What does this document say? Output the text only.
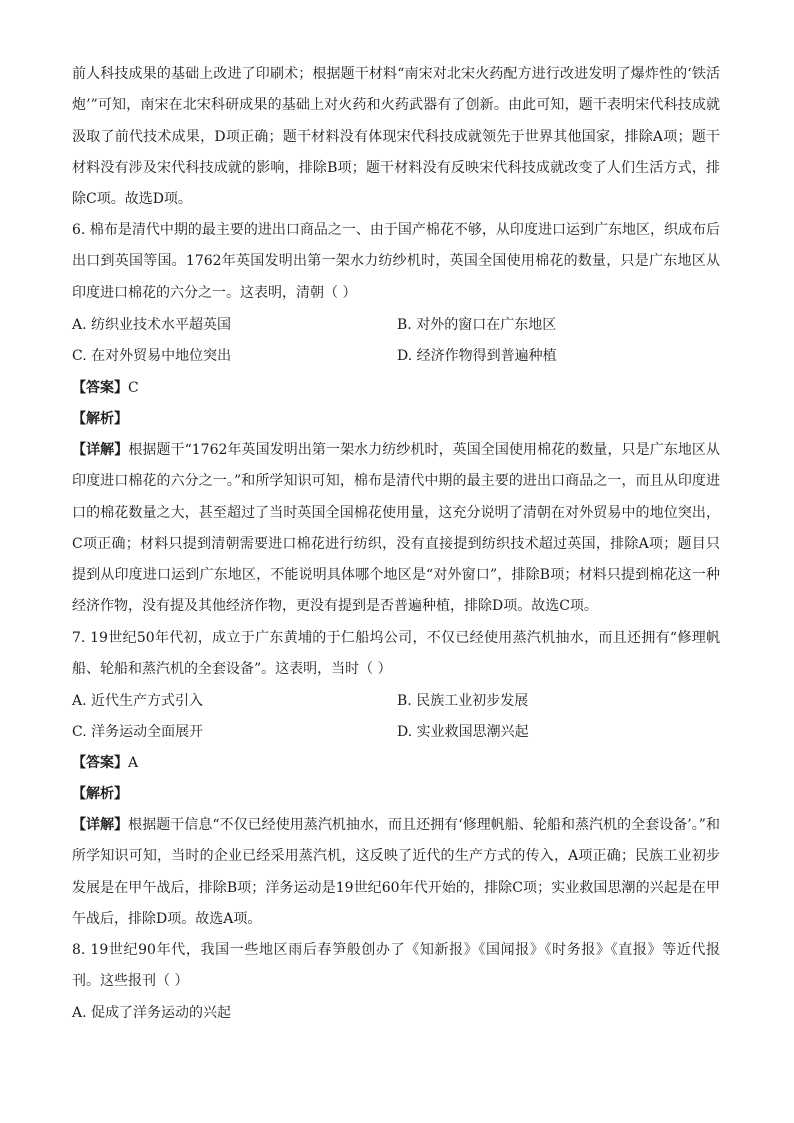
前人科技成果的基础上改进了印刷术；根据题干材料“南宋对北宋火药配方进行改进发明了爆炸性的‘铁活炮’”可知，南宋在北宋科研成果的基础上对火药和火药武器有了创新。由此可知，题干表明宋代科技成就汲取了前代技术成果，D项正确；题干材料没有体现宋代科技成就领先于世界其他国家，排除A项；题干材料没有涉及宋代科技成就的影响，排除B项；题干材料没有反映宋代科技成就改变了人们生活方式，排除C项。故选D项。

6. 棉布是清代中期的最主要的进出口商品之一、由于国产棉花不够，从印度进口运到广东地区，织成布后出口到英国等国。1762年英国发明出第一架水力纺纱机时，英国全国使用棉花的数量，只是广东地区从印度进口棉花的六分之一。这表明，清朝（ ）

A. 纺织业技术水平超英国	B. 对外的窗口在广东地区
C. 在对外贸易中地位突出	D. 经济作物得到普遍种植
【答案】C
【解析】

【详解】根据题干“1762年英国发明出第一架水力纺纱机时，英国全国使用棉花的数量，只是广东地区从印度进口棉花的六分之一。”和所学知识可知，棉布是清代中期的最主要的进出口商品之一，而且从印度进口的棉花数量之大，甚至超过了当时英国全国棉花使用量，这充分说明了清朝在对外贸易中的地位突出，C项正确；材料只提到清朝需要进口棉花进行纺织，没有直接提到纺织技术超过英国，排除A项；题目只提到从印度进口运到广东地区，不能说明具体哪个地区是“对外窗口”，排除B项；材料只提到棉花这一种经济作物，没有提及其他经济作物，更没有提到是否普遍种植，排除D项。故选C项。

7. 19世纪50年代初，成立于广东黄埔的于仁船坞公司，不仅已经使用蒸汽机抽水，而且还拥有“修理帆船、轮船和蒸汽机的全套设备”。这表明，当时（ ）

A. 近代生产方式引入	B. 民族工业初步发展
C. 洋务运动全面展开	D. 实业救国思潮兴起
【答案】A
【解析】

【详解】根据题干信息“不仅已经使用蒸汽机抽水，而且还拥有‘修理帆船、轮船和蒸汽机的全套设备’。”和所学知识可知，当时的企业已经采用蒸汽机，这反映了近代的生产方式的传入，A项正确；民族工业初步发展是在甲午战后，排除B项；洋务运动是19世纪60年代开始的，排除C项；实业救国思潮的兴起是在甲午战后，排除D项。故选A项。

8. 19世纪90年代，我国一些地区雨后春笋般创办了《知新报》《国闻报》《时务报》《直报》等近代报刊。这些报刊（ ）

A. 促成了洋务运动的兴起
